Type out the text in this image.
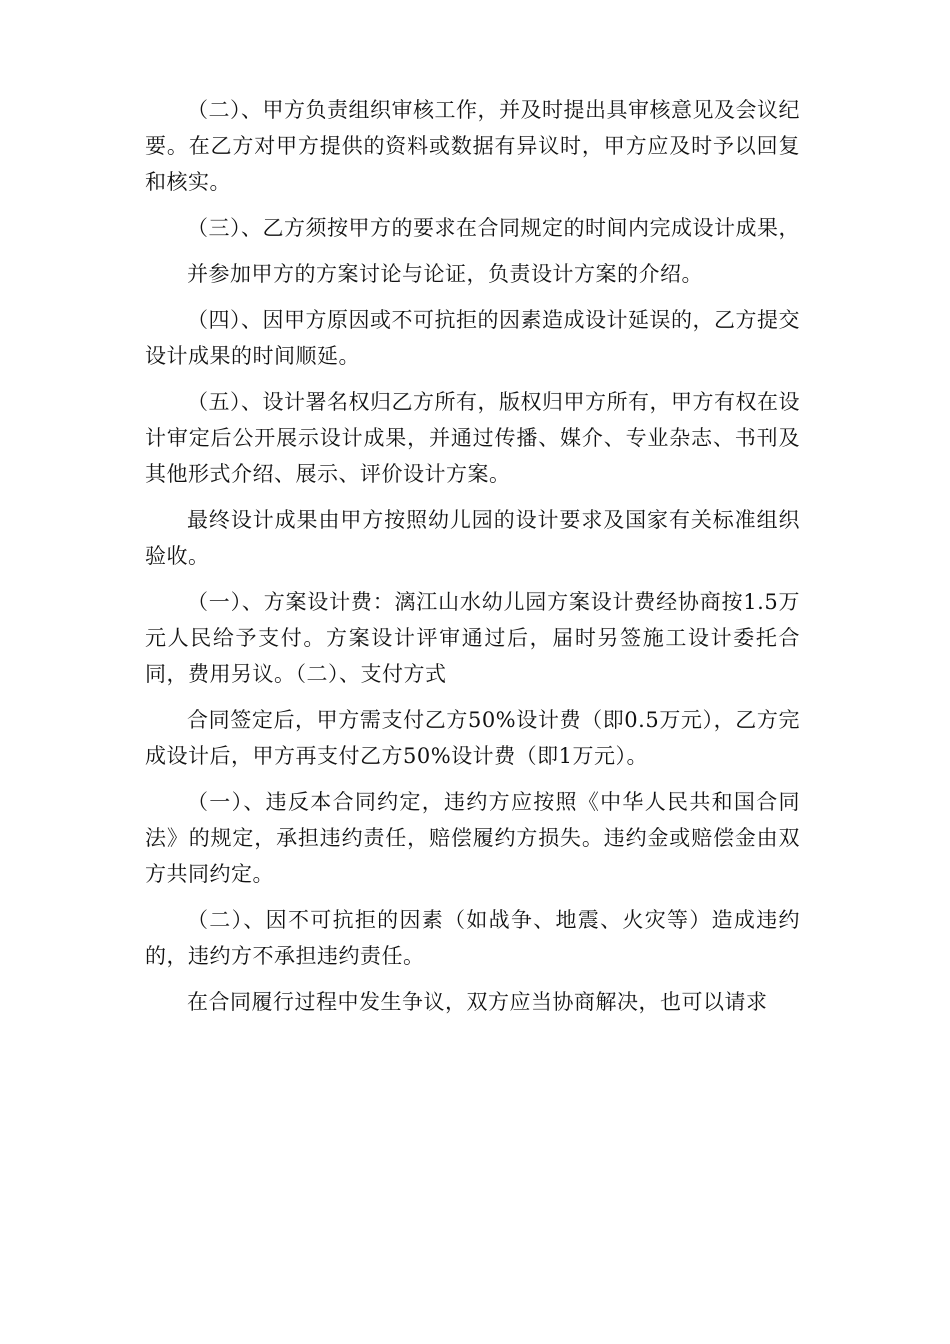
（二）、甲方负责组织审核工作，并及时提出具审核意见及会议纪要。在乙方对甲方提供的资料或数据有异议时，甲方应及时予以回复和核实。

（三）、乙方须按甲方的要求在合同规定的时间内完成设计成果，

并参加甲方的方案讨论与论证，负责设计方案的介绍。

（四）、因甲方原因或不可抗拒的因素造成设计延误的，乙方提交设计成果的时间顺延。

（五）、设计署名权归乙方所有，版权归甲方所有，甲方有权在设计审定后公开展示设计成果，并通过传播、媒介、专业杂志、书刊及其他形式介绍、展示、评价设计方案。

最终设计成果由甲方按照幼儿园的设计要求及国家有关标准组织验收。

（一）、方案设计费：漓江山水幼儿园方案设计费经协商按1.5万元人民给予支付。方案设计评审通过后，届时另签施工设计委托合同，费用另议。（二）、支付方式

合同签定后，甲方需支付乙方50%设计费（即0.5万元），乙方完成设计后，甲方再支付乙方50%设计费（即1万元）。

（一）、违反本合同约定，违约方应按照《中华人民共和国合同法》的规定，承担违约责任，赔偿履约方损失。违约金或赔偿金由双方共同约定。

（二）、因不可抗拒的因素（如战争、地震、火灾等）造成违约的，违约方不承担违约责任。

在合同履行过程中发生争议，双方应当协商解决，也可以请求
